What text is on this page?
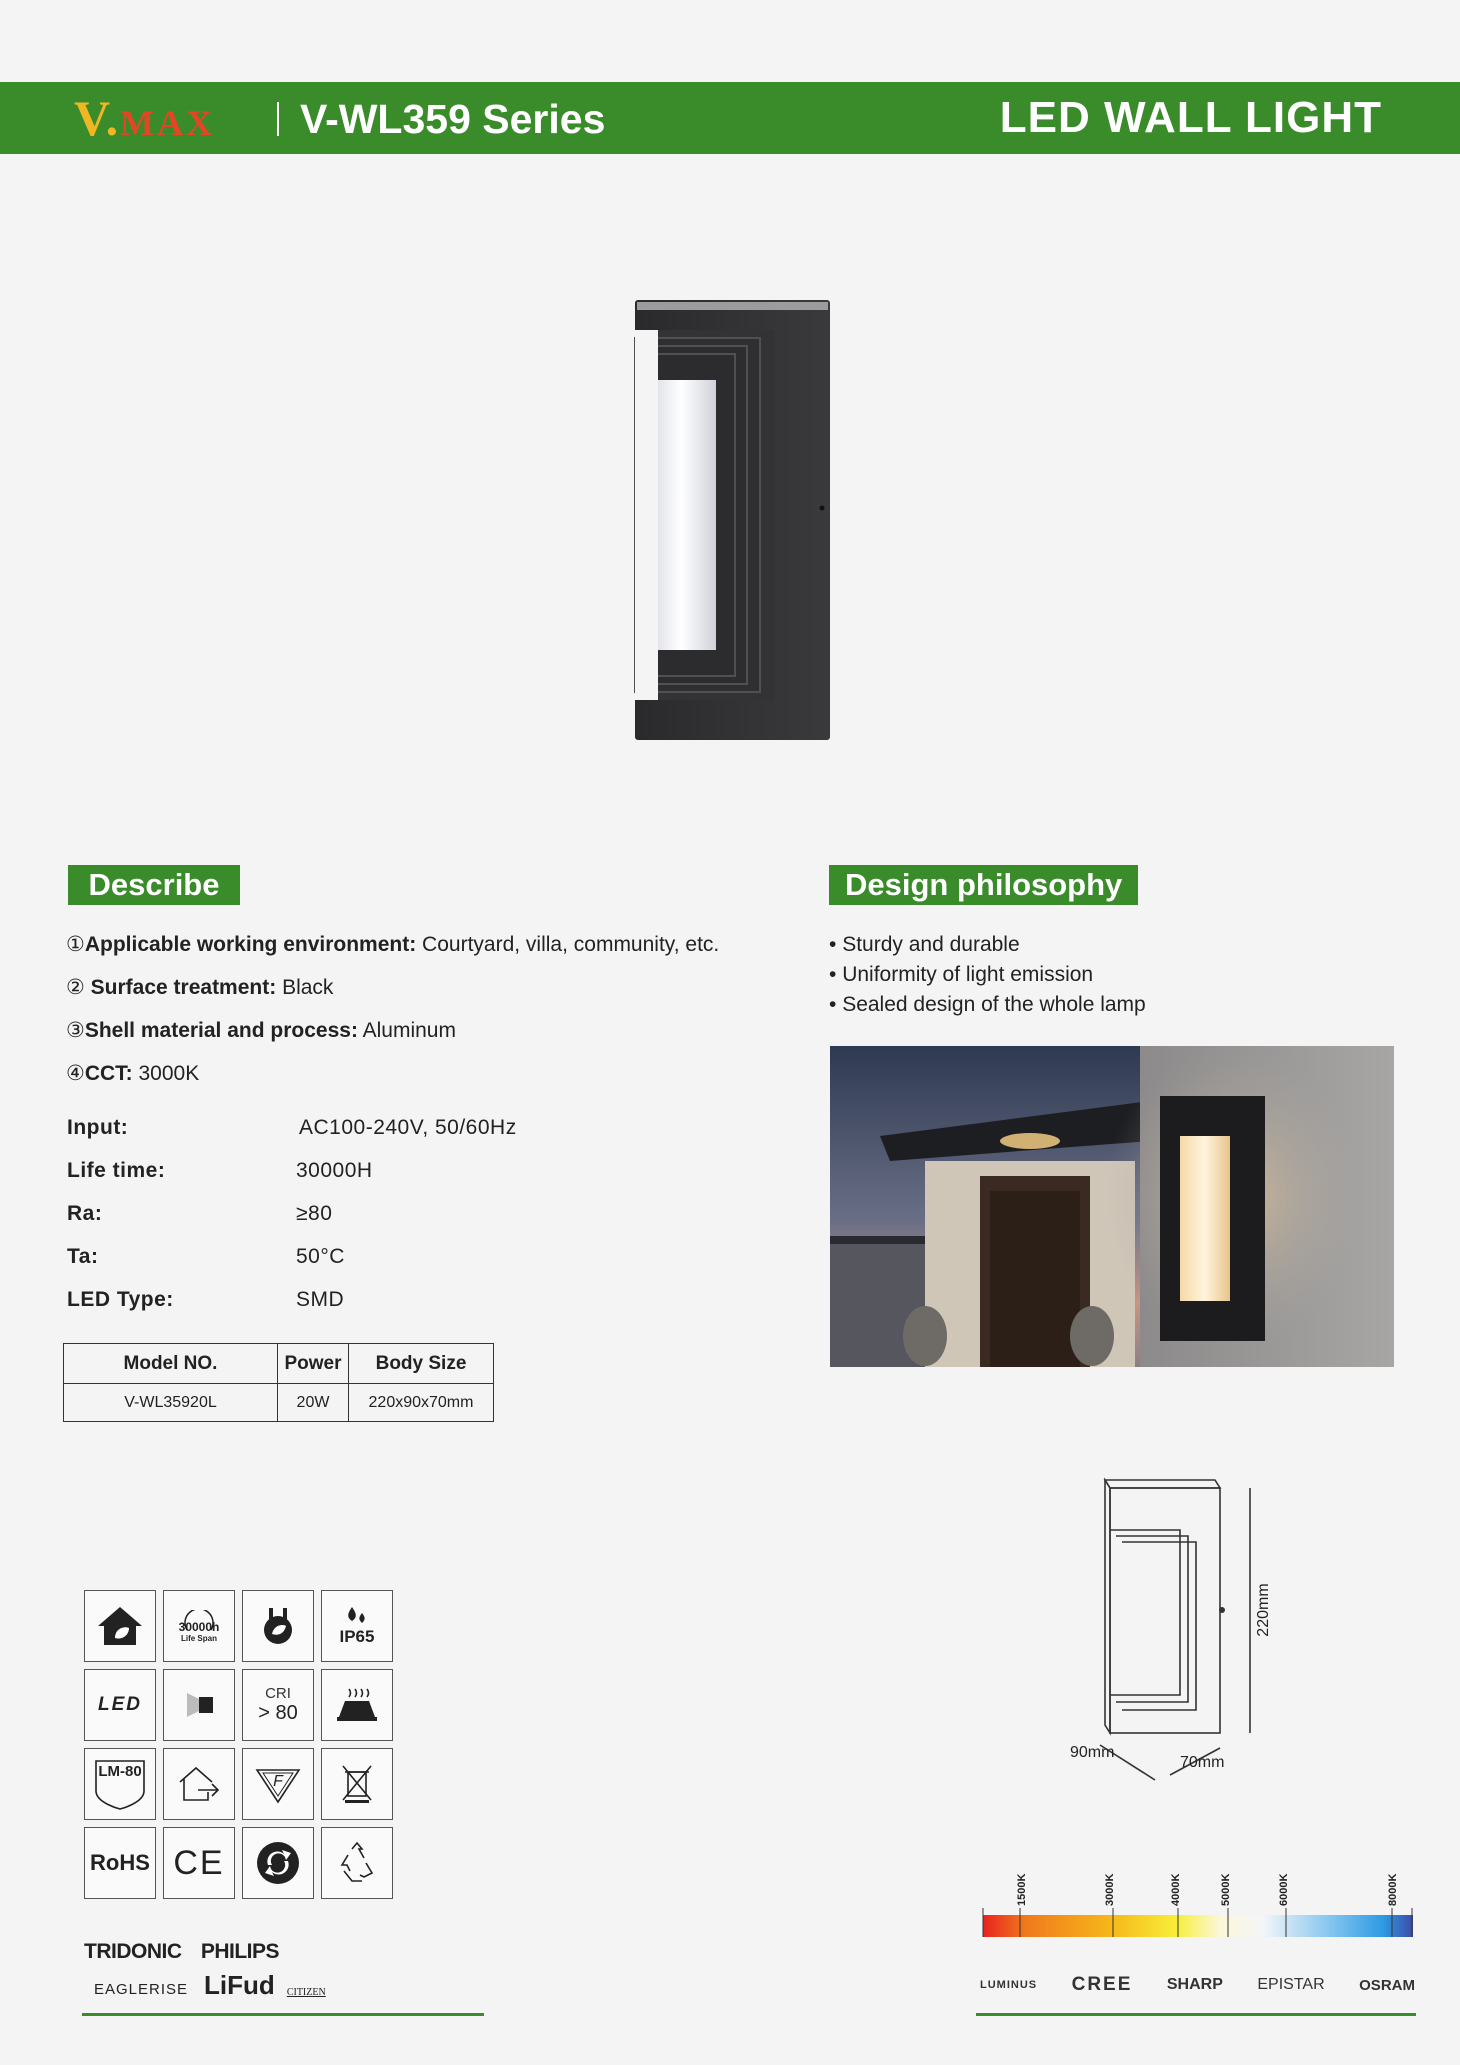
V.MAX V-WL359 Series	LED WALL LIGHT
Describe
①Applicable working environment: Courtyard, villa, community, etc.
② Surface treatment: Black
③Shell material and process: Aluminum
④CCT: 3000K
Input:	AC100-240V, 50/60Hz
Life time:	30000H
Ra:	≥80
Ta:	50°C
LED Type:	SMD
Model NO.	Power	Body Size
V-WL35920L	20W	220x90x70mm
Design philosophy
• Sturdy and durable
• Uniformity of light emission
• Sealed design of the whole lamp
220mm
90mm
70mm
30000h
Life Span	IP65
LED
CRI
> 80
LM-80
F
RoHS CE
TRIDONIC PHILIPS
EAGLERISE LiFud CITIZEN
1500K	3000K	4000K	5000K	6000K	8000K
LUMINUS CREE SHARP EPISTAR OSRAM
